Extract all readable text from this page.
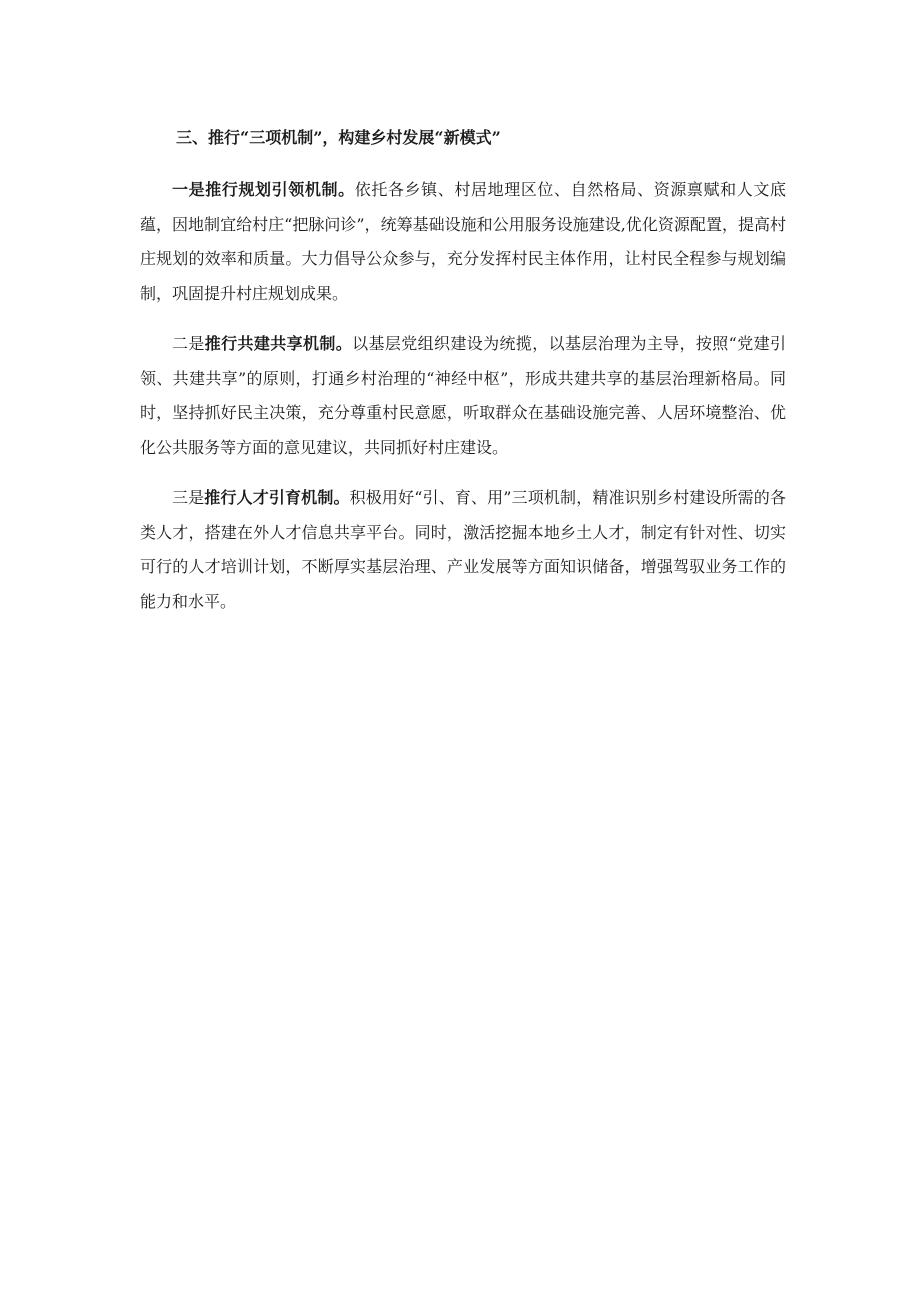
三、推行“三项机制”，构建乡村发展“新模式”

一是推行规划引领机制。依托各乡镇、村居地理区位、自然格局、资源禀赋和人文底蕴，因地制宜给村庄“把脉问诊”，统筹基础设施和公用服务设施建设,优化资源配置，提高村庄规划的效率和质量。大力倡导公众参与，充分发挥村民主体作用，让村民全程参与规划编制，巩固提升村庄规划成果。

二是推行共建共享机制。以基层党组织建设为统揽，以基层治理为主导，按照“党建引领、共建共享”的原则，打通乡村治理的“神经中枢”，形成共建共享的基层治理新格局。同时，坚持抓好民主决策，充分尊重村民意愿，听取群众在基础设施完善、人居环境整治、优化公共服务等方面的意见建议，共同抓好村庄建设。

三是推行人才引育机制。积极用好“引、育、用”三项机制，精准识别乡村建设所需的各类人才，搭建在外人才信息共享平台。同时，激活挖掘本地乡土人才，制定有针对性、切实可行的人才培训计划，不断厚实基层治理、产业发展等方面知识储备，增强驾驭业务工作的能力和水平。
